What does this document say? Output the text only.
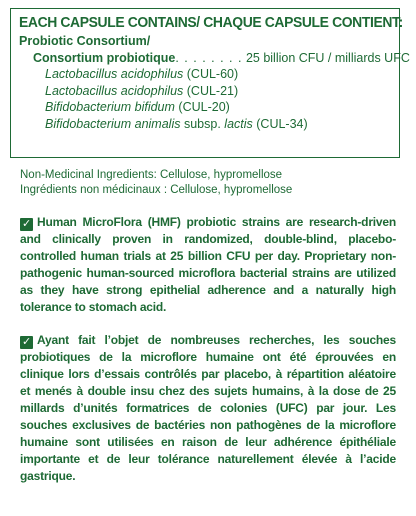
EACH CAPSULE CONTAINS/ CHAQUE CAPSULE CONTIENT:
Probiotic Consortium/
Consortium probiotique. . . . . . . . 25 billion CFU / milliards UFC
Lactobacillus acidophilus (CUL-60)
Lactobacillus acidophilus (CUL-21)
Bifidobacterium bifidum (CUL-20)
Bifidobacterium animalis subsp. lactis (CUL-34)
Non-Medicinal Ingredients: Cellulose, hypromellose
Ingrédients non médicinaux : Cellulose, hypromellose
✓ Human MicroFlora (HMF) probiotic strains are research-driven and clinically proven in randomized, double-blind, placebo-controlled human trials at 25 billion CFU per day. Proprietary non-pathogenic human-sourced microflora bacterial strains are utilized as they have strong epithelial adherence and a naturally high tolerance to stomach acid.
✓ Ayant fait l’objet de nombreuses recherches, les souches probiotiques de la microflore humaine ont été éprouvées en clinique lors d’essais contrôlés par placebo, à répartition aléatoire et menés à double insu chez des sujets humains, à la dose de 25 millards d’unités formatrices de colonies (UFC) par jour. Les souches exclusives de bactéries non pathogènes de la microflore humaine sont utilisées en raison de leur adhérence épithéliale importante et de leur tolérance naturellement élevée à l’acide gastrique.
